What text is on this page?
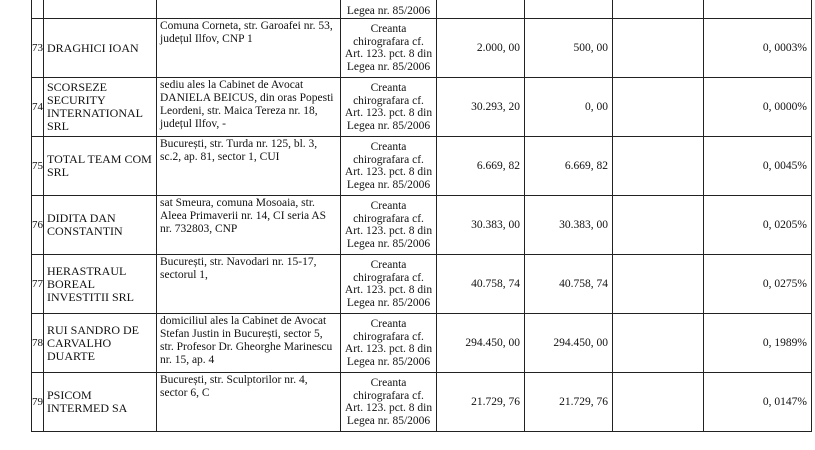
			Legea nr. 85/2006				
73	DRAGHICI IOAN	Comuna Corneta, str. Garoafei nr. 53, județul Ilfov, CNP 1	Creanta
chirografara cf.
Art. 123. pct. 8 din
Legea nr. 85/2006	2.000, 00	500, 00		0, 0003%
74	SCORSEZE SECURITY INTERNATIONAL SRL	sediu ales la Cabinet de Avocat DANIELA BEICUS, din oras Popesti Leordeni, str. Maica Tereza nr. 18, județul Ilfov, -	Creanta
chirografara cf.
Art. 123. pct. 8 din
Legea nr. 85/2006	30.293, 20	0, 00		0, 0000%
75	TOTAL TEAM COM SRL	București, str. Turda nr. 125, bl. 3, sc.2, ap. 81, sector 1, CUI	Creanta
chirografara cf.
Art. 123. pct. 8 din
Legea nr. 85/2006	6.669, 82	6.669, 82		0, 0045%
76	DIDITA DAN CONSTANTIN	sat Smeura, comuna Mosoaia, str. Aleea Primaverii nr. 14, CI seria AS nr. 732803, CNP	Creanta
chirografara cf.
Art. 123. pct. 8 din
Legea nr. 85/2006	30.383, 00	30.383, 00		0, 0205%
77	HERASTRAUL BOREAL INVESTITII SRL	București, str. Navodari nr. 15-17, sectorul 1,	Creanta
chirografara cf.
Art. 123. pct. 8 din
Legea nr. 85/2006	40.758, 74	40.758, 74		0, 0275%
78	RUI SANDRO DE CARVALHO DUARTE	domiciliul ales la Cabinet de Avocat Stefan Justin in București, sector 5, str. Profesor Dr. Gheorghe Marinescu nr. 15, ap. 4	Creanta
chirografara cf.
Art. 123. pct. 8 din
Legea nr. 85/2006	294.450, 00	294.450, 00		0, 1989%
79	PSICOM INTERMED SA	București, str. Sculptorilor nr. 4, sector 6, C	Creanta
chirografara cf.
Art. 123. pct. 8 din
Legea nr. 85/2006	21.729, 76	21.729, 76		0, 0147%
